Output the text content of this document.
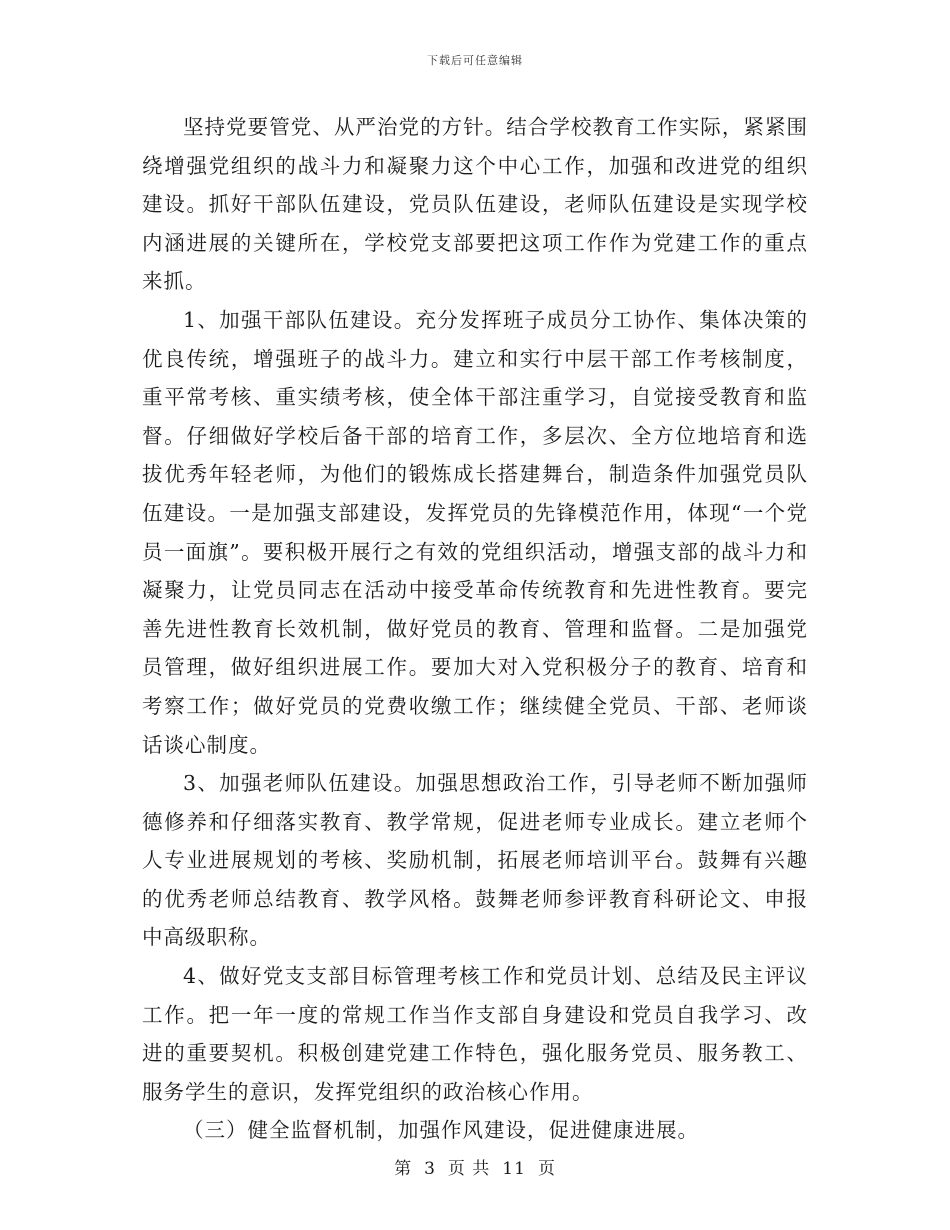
下载后可任意编辑

坚持党要管党、从严治党的方针。结合学校教育工作实际，紧紧围绕增强党组织的战斗力和凝聚力这个中心工作，加强和改进党的组织建设。抓好干部队伍建设，党员队伍建设，老师队伍建设是实现学校内涵进展的关键所在，学校党支部要把这项工作作为党建工作的重点来抓。

1、加强干部队伍建设。充分发挥班子成员分工协作、集体决策的优良传统，增强班子的战斗力。建立和实行中层干部工作考核制度，重平常考核、重实绩考核，使全体干部注重学习，自觉接受教育和监督。仔细做好学校后备干部的培育工作，多层次、全方位地培育和选拔优秀年轻老师，为他们的锻炼成长搭建舞台，制造条件加强党员队伍建设。一是加强支部建设，发挥党员的先锋模范作用，体现“一个党员一面旗”。要积极开展行之有效的党组织活动，增强支部的战斗力和凝聚力，让党员同志在活动中接受革命传统教育和先进性教育。要完善先进性教育长效机制，做好党员的教育、管理和监督。二是加强党员管理，做好组织进展工作。要加大对入党积极分子的教育、培育和考察工作；做好党员的党费收缴工作；继续健全党员、干部、老师谈话谈心制度。

3、加强老师队伍建设。加强思想政治工作，引导老师不断加强师德修养和仔细落实教育、教学常规，促进老师专业成长。建立老师个人专业进展规划的考核、奖励机制，拓展老师培训平台。鼓舞有兴趣的优秀老师总结教育、教学风格。鼓舞老师参评教育科研论文、申报中高级职称。

4、做好党支支部目标管理考核工作和党员计划、总结及民主评议工作。把一年一度的常规工作当作支部自身建设和党员自我学习、改进的重要契机。积极创建党建工作特色，强化服务党员、服务教工、服务学生的意识，发挥党组织的政治核心作用。

（三）健全监督机制，加强作风建设，促进健康进展。

第 3 页 共 11 页
